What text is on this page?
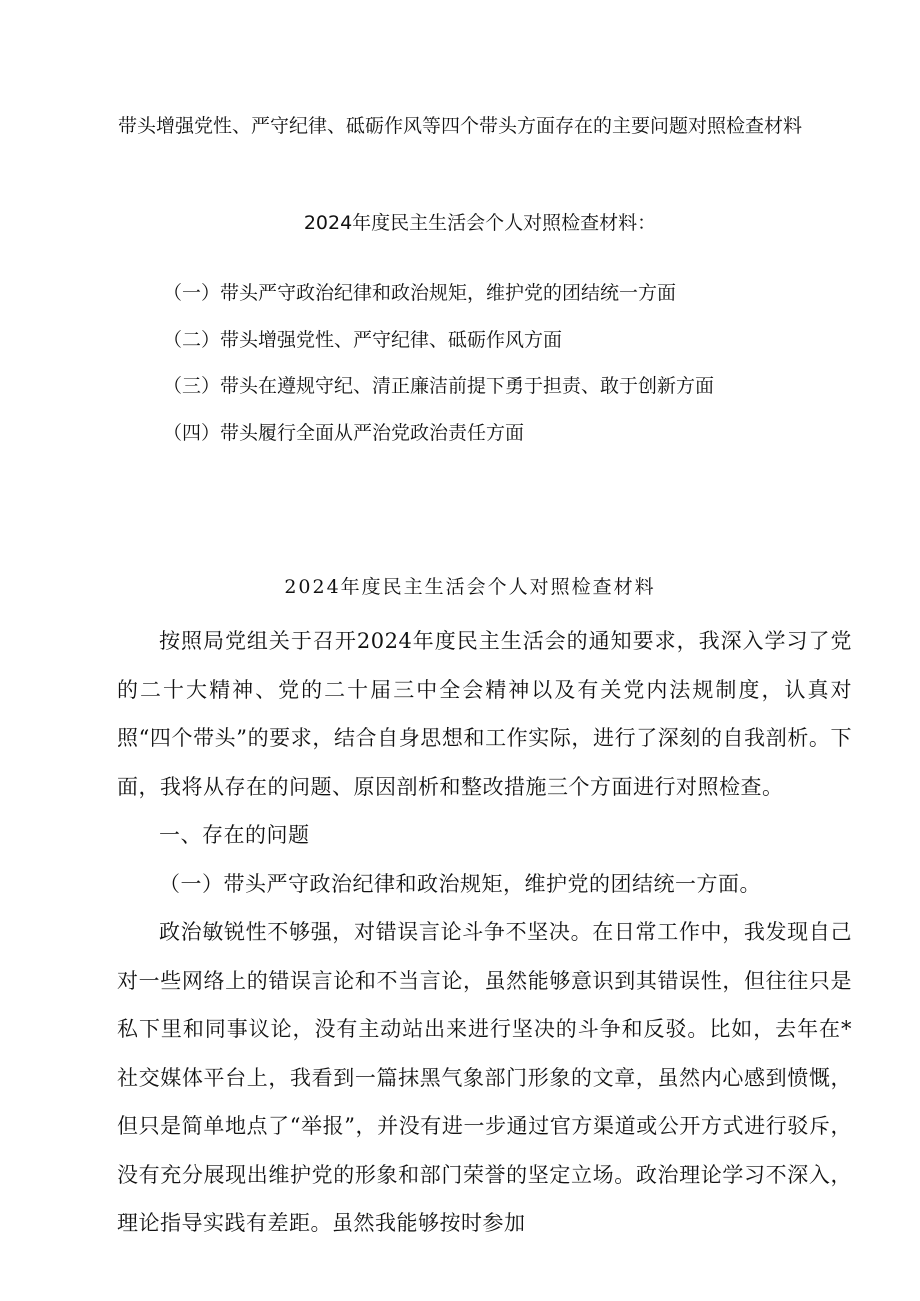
带头增强党性、严守纪律、砥砺作风等四个带头方面存在的主要问题对照检查材料
2024年度民主生活会个人对照检查材料：
（一）带头严守政治纪律和政治规矩，维护党的团结统一方面
（二）带头增强党性、严守纪律、砥砺作风方面
（三）带头在遵规守纪、清正廉洁前提下勇于担责、敢于创新方面
（四）带头履行全面从严治党政治责任方面
2024年度民主生活会个人对照检查材料

按照局党组关于召开2024年度民主生活会的通知要求，我深入学习了党的二十大精神、党的二十届三中全会精神以及有关党内法规制度，认真对照“四个带头”的要求，结合自身思想和工作实际，进行了深刻的自我剖析。下面，我将从存在的问题、原因剖析和整改措施三个方面进行对照检查。

一、存在的问题

（一）带头严守政治纪律和政治规矩，维护党的团结统一方面。

政治敏锐性不够强，对错误言论斗争不坚决。在日常工作中，我发现自己对一些网络上的错误言论和不当言论，虽然能够意识到其错误性，但往往只是私下里和同事议论，没有主动站出来进行坚决的斗争和反驳。比如，去年在*社交媒体平台上，我看到一篇抹黑气象部门形象的文章，虽然内心感到愤慨，但只是简单地点了“举报”，并没有进一步通过官方渠道或公开方式进行驳斥，没有充分展现出维护党的形象和部门荣誉的坚定立场。政治理论学习不深入，理论指导实践有差距。虽然我能够按时参加
